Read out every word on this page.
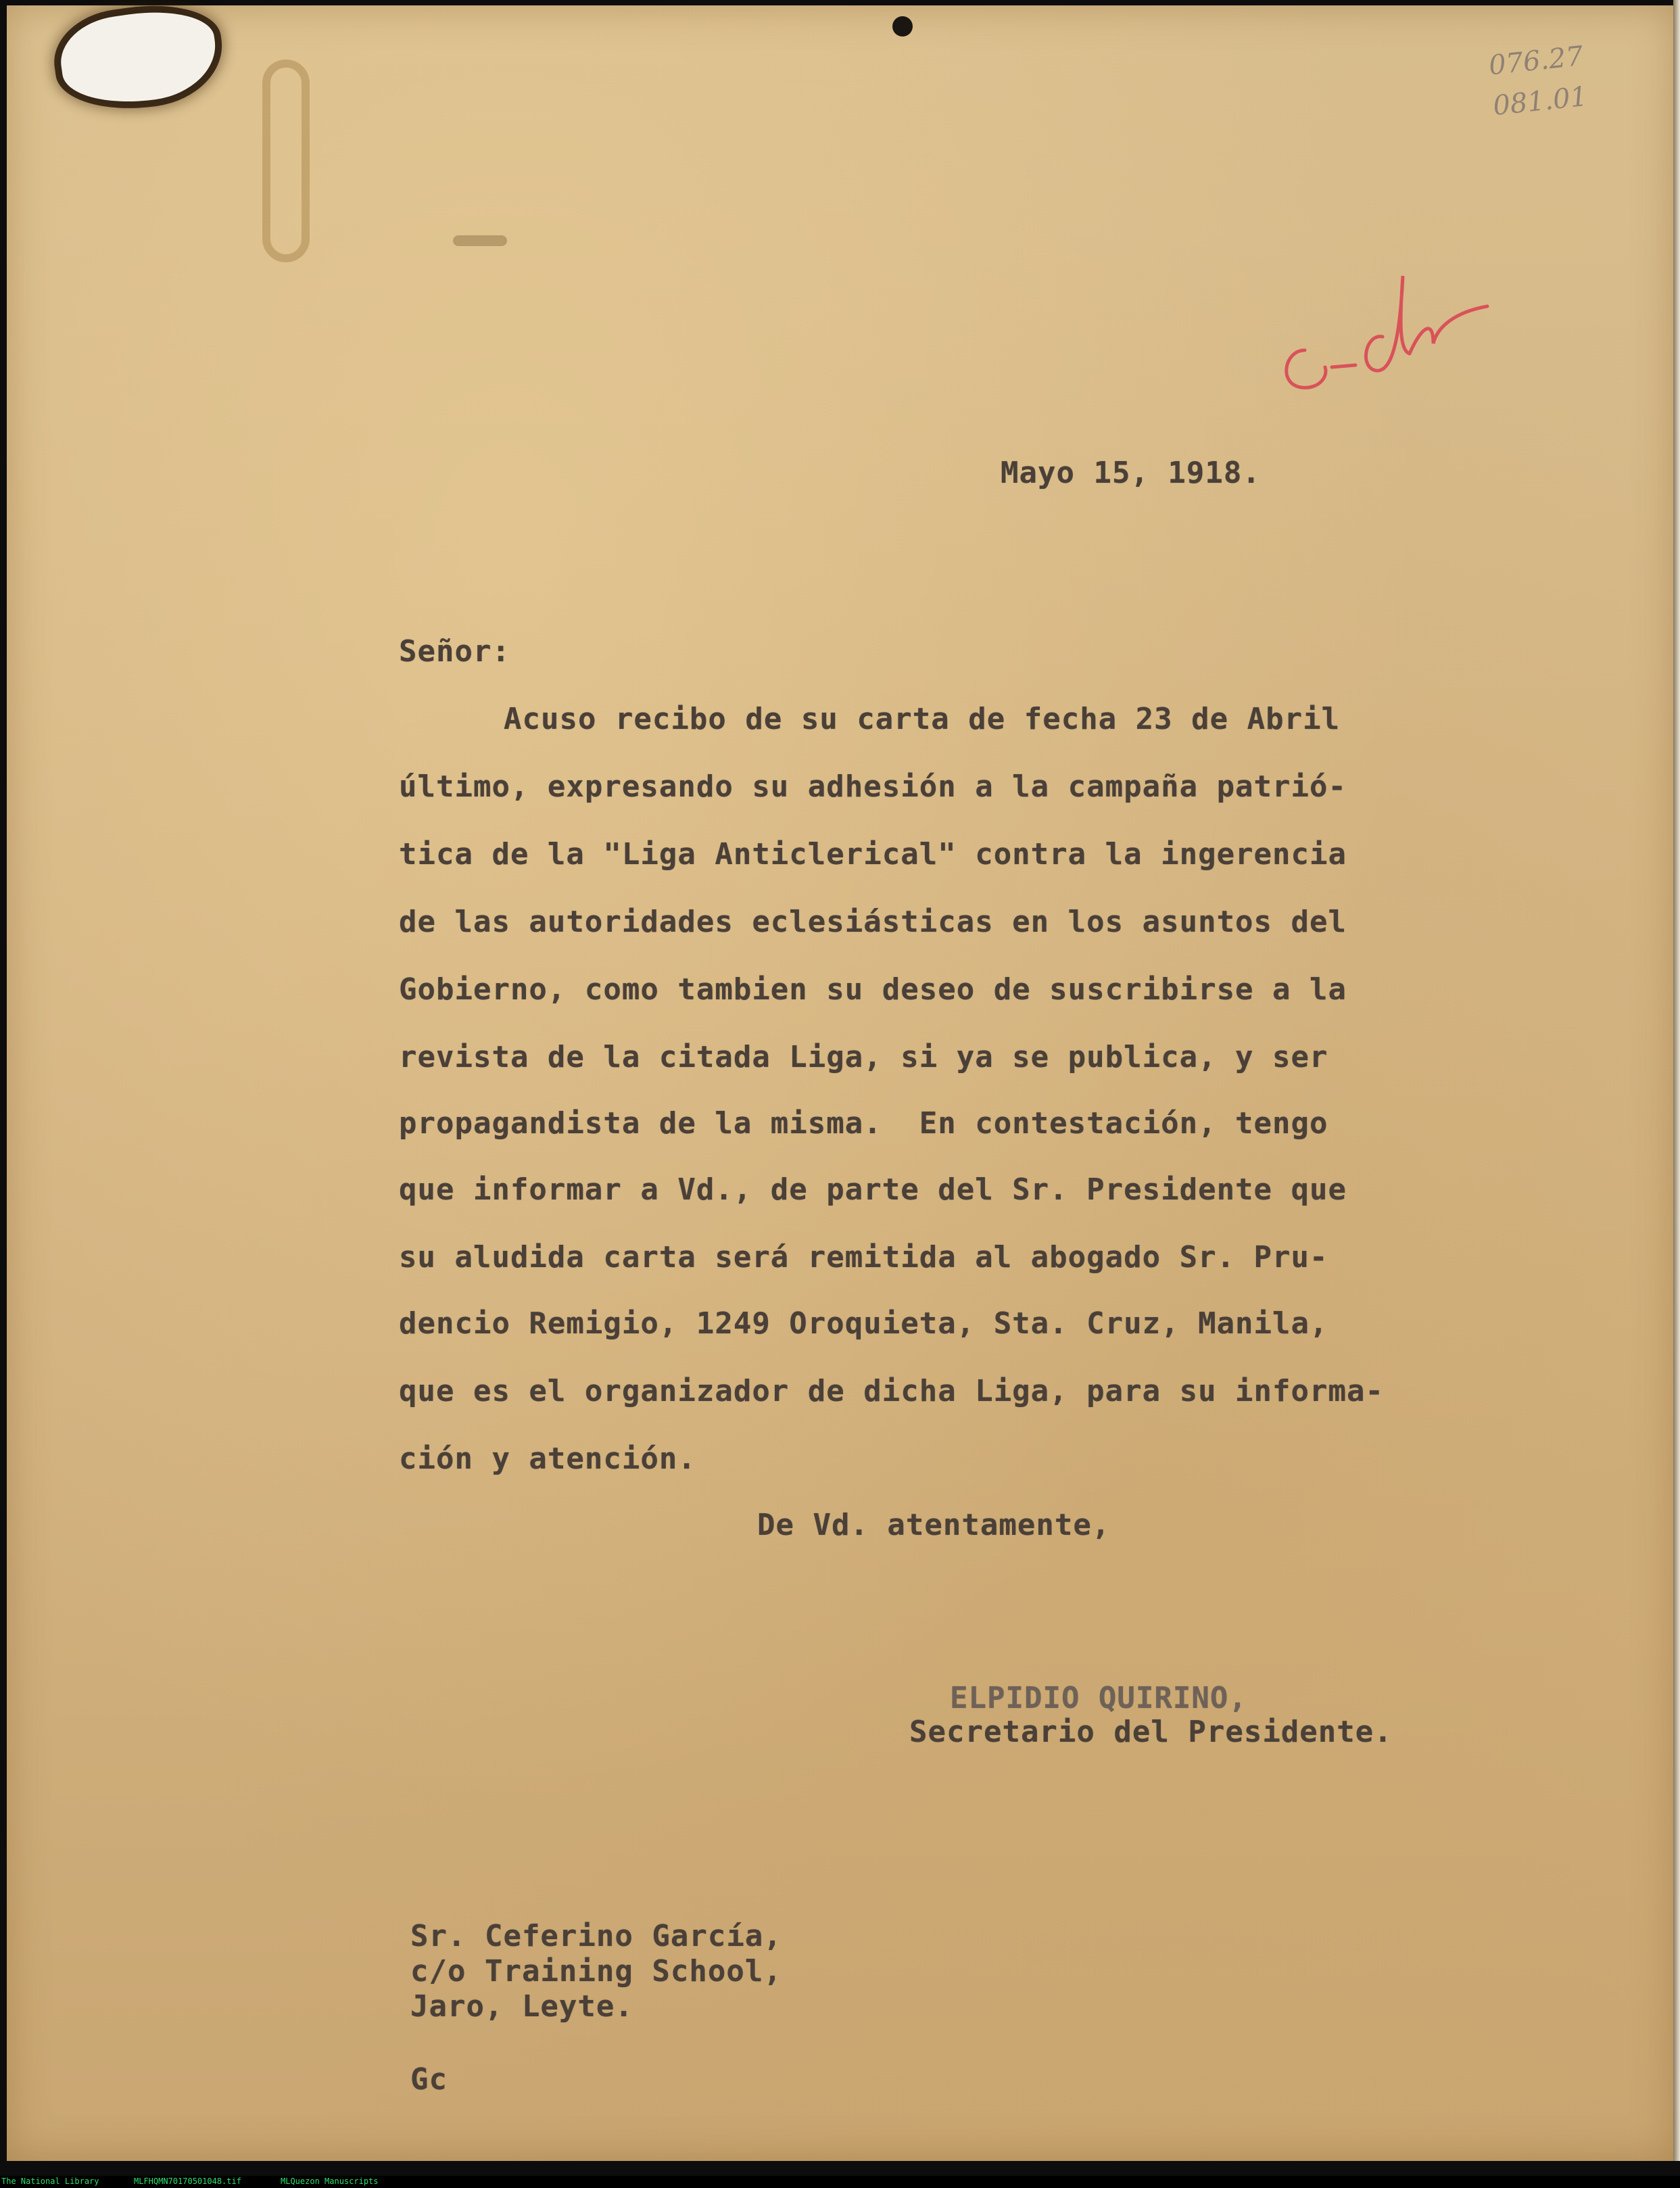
076.27
081.01
Mayo 15, 1918.
Señor:
Acuso recibo de su carta de fecha 23 de Abril
último, expresando su adhesión a la campaña patrió-
tica de la "Liga Anticlerical" contra la ingerencia
de las autoridades eclesiásticas en los asuntos del
Gobierno, como tambien su deseo de suscribirse a la
revista de la citada Liga, si ya se publica, y ser
propagandista de la misma.  En contestación, tengo
que informar a Vd., de parte del Sr. Presidente que
su aludida carta será remitida al abogado Sr. Pru-
dencio Remigio, 1249 Oroquieta, Sta. Cruz, Manila,
que es el organizador de dicha Liga, para su informa-
ción y atención.
De Vd. atentamente,
ELPIDIO QUIRINO,
Secretario del Presidente.
Sr. Ceferino García,
c/o Training School,
Jaro, Leyte.
Gc
The National Library	MLFHQMN70170501048.tif	MLQuezon Manuscripts
